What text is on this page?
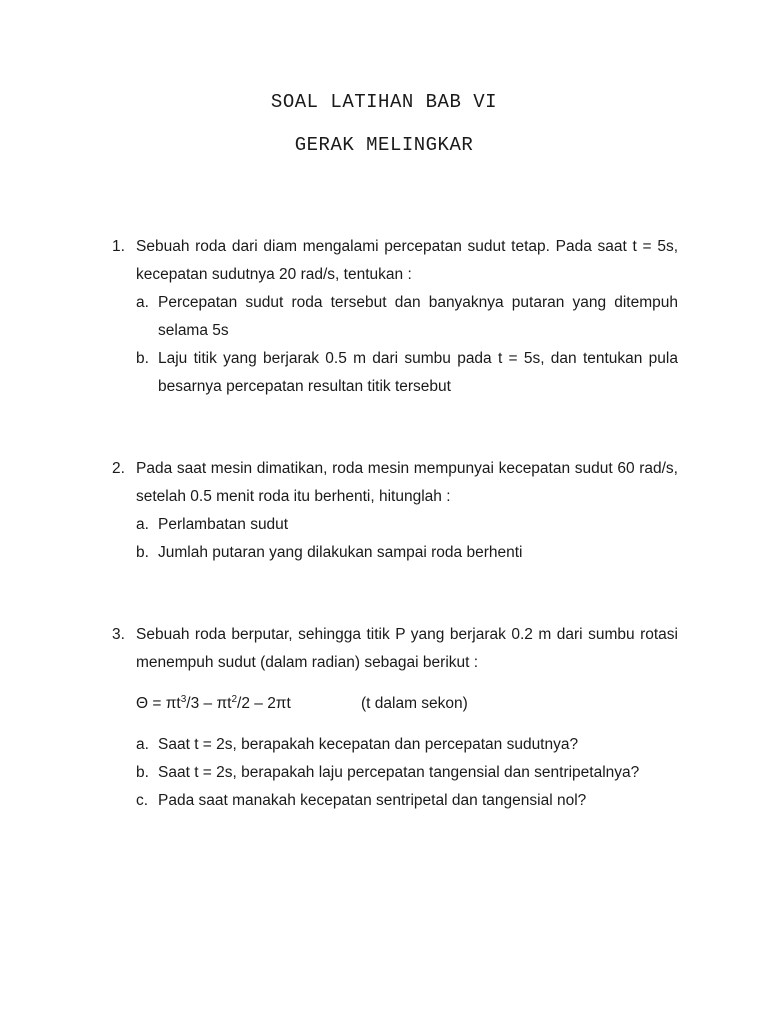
SOAL LATIHAN BAB VI
GERAK MELINGKAR
1. Sebuah roda dari diam mengalami percepatan sudut tetap. Pada saat t = 5s, kecepatan sudutnya 20 rad/s, tentukan :
a. Percepatan sudut roda tersebut dan banyaknya putaran yang ditempuh selama 5s
b. Laju titik yang berjarak 0.5 m dari sumbu pada t = 5s, dan tentukan pula besarnya percepatan resultan titik tersebut
2. Pada saat mesin dimatikan, roda mesin mempunyai kecepatan sudut 60 rad/s, setelah 0.5 menit roda itu berhenti, hitunglah :
a. Perlambatan sudut
b. Jumlah putaran yang dilakukan sampai roda berhenti
3. Sebuah roda berputar, sehingga titik P yang berjarak 0.2 m dari sumbu rotasi menempuh sudut (dalam radian) sebagai berikut :
$\Theta = \pi t^3/3 - \pi t^2/2 - 2\pi t$	(t dalam sekon)
a. Saat t = 2s, berapakah kecepatan dan percepatan sudutnya?
b. Saat t = 2s, berapakah laju percepatan tangensial dan sentripetalnya?
c. Pada saat manakah kecepatan sentripetal dan tangensial nol?
